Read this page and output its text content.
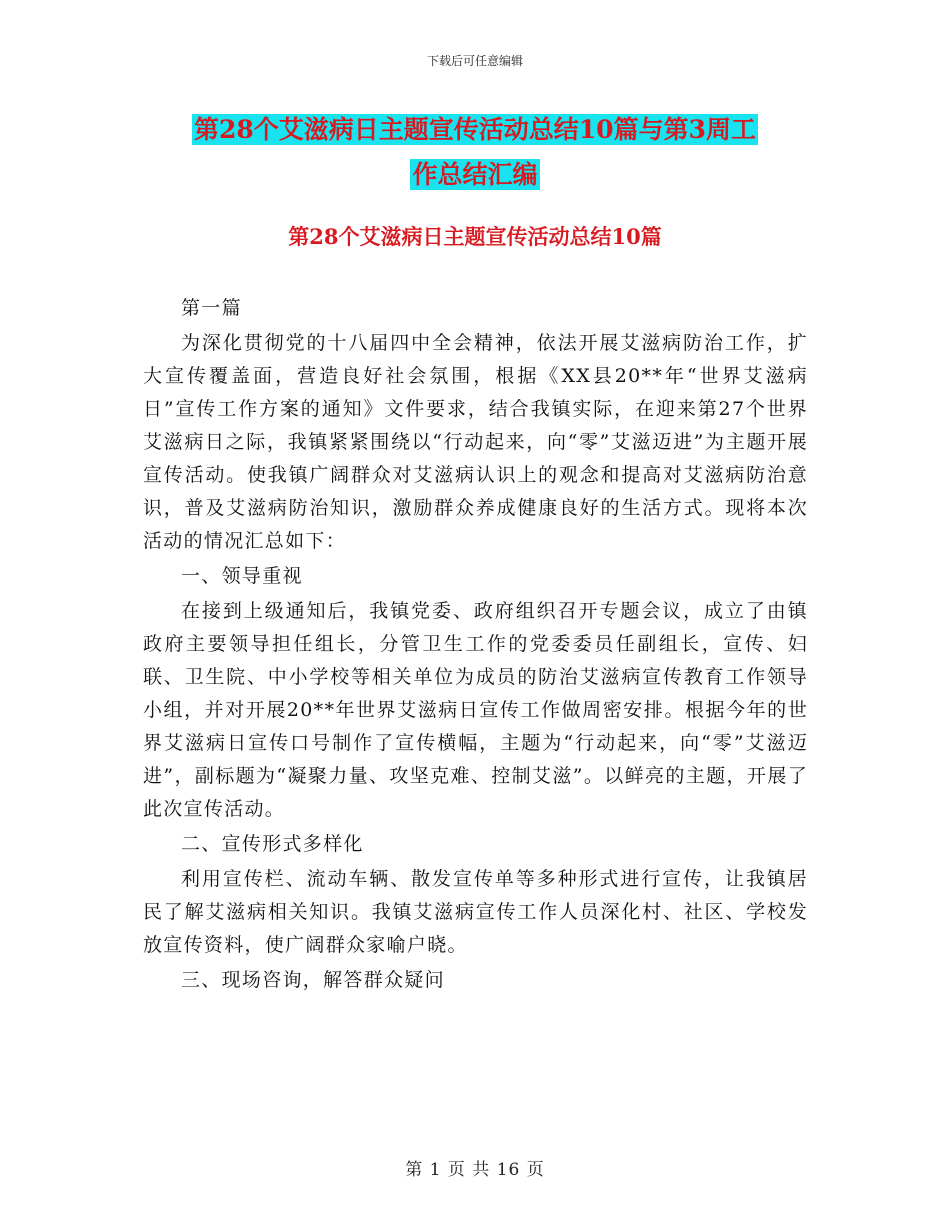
下载后可任意编辑
第28个艾滋病日主题宣传活动总结10篇与第3周工
作总结汇编
第28个艾滋病日主题宣传活动总结10篇

第一篇

为深化贯彻党的十八届四中全会精神，依法开展艾滋病防治工作，扩大宣传覆盖面，营造良好社会氛围，根据《XX县20**年“世界艾滋病日”宣传工作方案的通知》文件要求，结合我镇实际，在迎来第27个世界艾滋病日之际，我镇紧紧围绕以“行动起来，向“零”艾滋迈进”为主题开展宣传活动。使我镇广阔群众对艾滋病认识上的观念和提高对艾滋病防治意识，普及艾滋病防治知识，激励群众养成健康良好的生活方式。现将本次活动的情况汇总如下：

一、领导重视

在接到上级通知后，我镇党委、政府组织召开专题会议，成立了由镇政府主要领导担任组长，分管卫生工作的党委委员任副组长，宣传、妇联、卫生院、中小学校等相关单位为成员的防治艾滋病宣传教育工作领导小组，并对开展20**年世界艾滋病日宣传工作做周密安排。根据今年的世界艾滋病日宣传口号制作了宣传横幅，主题为“行动起来，向“零”艾滋迈进”，副标题为“凝聚力量、攻坚克难、控制艾滋”。以鲜亮的主题，开展了此次宣传活动。

二、宣传形式多样化

利用宣传栏、流动车辆、散发宣传单等多种形式进行宣传，让我镇居民了解艾滋病相关知识。我镇艾滋病宣传工作人员深化村、社区、学校发放宣传资料，使广阔群众家喻户晓。

三、现场咨询，解答群众疑问

第 1 页 共 16 页
